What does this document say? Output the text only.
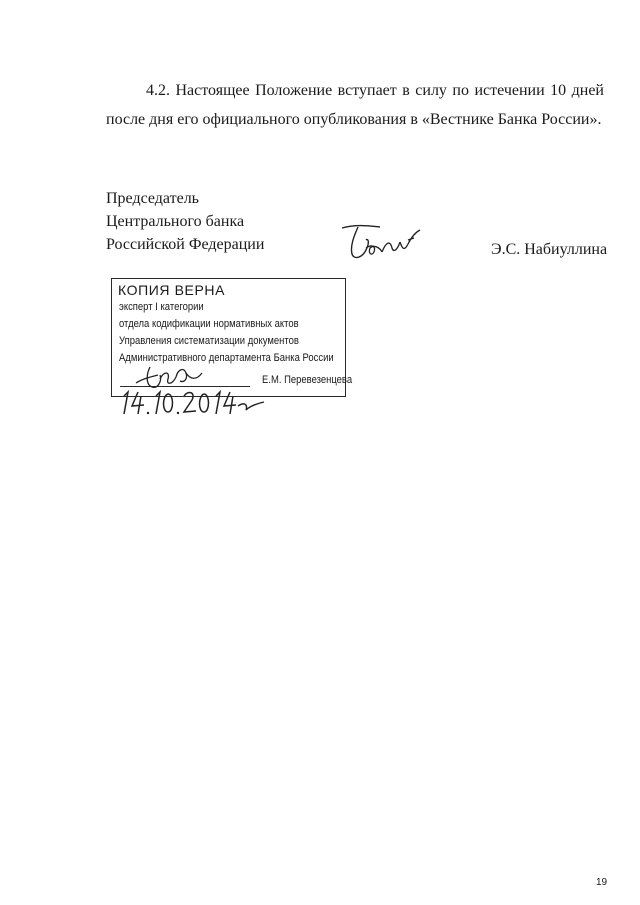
4.2. Настоящее Положение вступает в силу по истечении 10 дней
после дня его официального опубликования в «Вестнике Банка России».
Председатель
Центрального банка
Российской Федерации	Э.С. Набиуллина
КОПИЯ ВЕРНА
эксперт I категории
отдела кодификации нормативных актов
Управления систематизации документов
Административного департамента Банка России
Е.М. Перевезенцева
19
